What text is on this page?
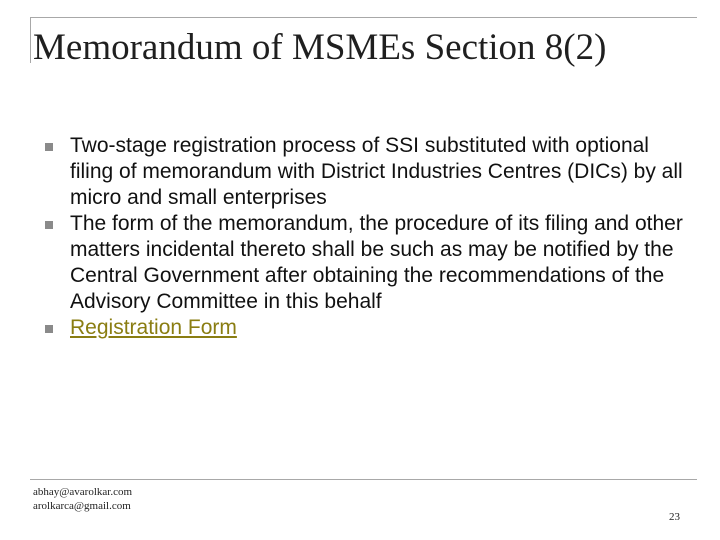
Memorandum of MSMEs Section 8(2)
Two-stage registration process of SSI substituted with optional filing of memorandum with District Industries Centres (DICs) by all micro and small enterprises
The form of the memorandum, the procedure of its filing and other matters incidental thereto shall be such as may be notified by the Central Government after obtaining the recommendations of the Advisory Committee in this behalf
Registration Form
abhay@avarolkar.com
arolkarca@gmail.com
23
